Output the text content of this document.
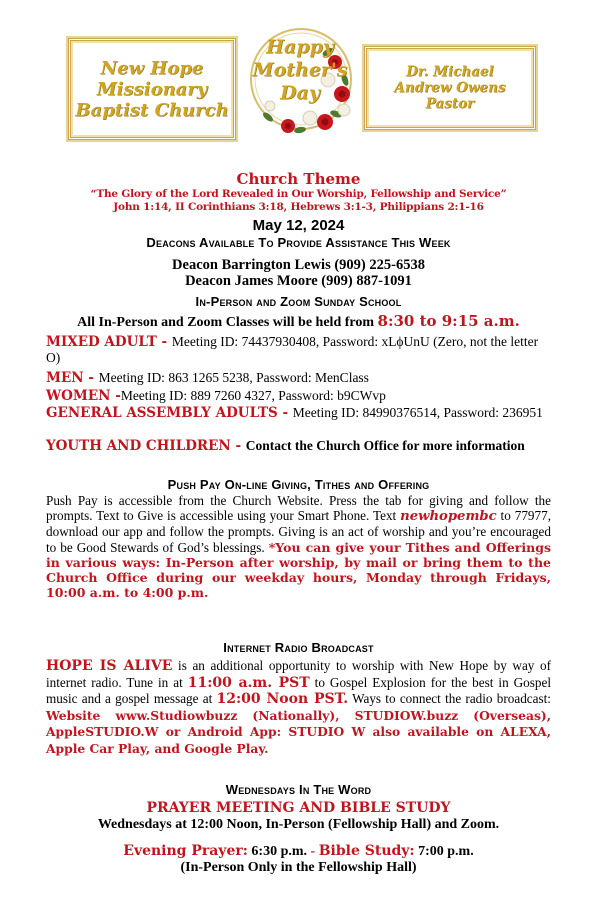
New Hope
Missionary
Baptist Church
Happy
Mother's
Day
Dr. Michael
Andrew Owens
Pastor
Church Theme
“The Glory of the Lord Revealed in Our Worship, Fellowship and Service”
John 1:14, II Corinthians 3:18, Hebrews 3:1-3, Philippians 2:1-16
May 12, 2024
Deacons Available To Provide Assistance This Week
Deacon Barrington Lewis (909) 225-6538
Deacon James Moore (909) 887-1091
In-Person and Zoom Sunday School
All In-Person and Zoom Classes will be held from 8:30 to 9:15 a.m.
MIXED ADULT - Meeting ID: 74437930408, Password: xLϕUnU (Zero, not the letter O)
MEN - Meeting ID: 863 1265 5238, Password: MenClass
WOMEN -Meeting ID: 889 7260 4327, Password: b9CWvp
GENERAL ASSEMBLY ADULTS - Meeting ID: 84990376514, Password: 236951
YOUTH AND CHILDREN - Contact the Church Office for more information
Push Pay On-line Giving, Tithes and Offering
Push Pay is accessible from the Church Website. Press the tab for giving and follow the prompts. Text to Give is accessible using your Smart Phone. Text newhopembc to 77977, download our app and follow the prompts. Giving is an act of worship and you’re encouraged to be Good Stewards of God’s blessings. *You can give your Tithes and Offerings in various ways: In-Person after worship, by mail or bring them to the Church Office during our weekday hours, Monday through Fridays, 10:00 a.m. to 4:00 p.m.
Internet Radio Broadcast
HOPE IS ALIVE is an additional opportunity to worship with New Hope by way of internet radio. Tune in at 11:00 a.m. PST to Gospel Explosion for the best in Gospel music and a gospel message at 12:00 Noon PST. Ways to connect the radio broadcast: Website www.Studiowbuzz (Nationally), STUDIOW.buzz (Overseas), AppleSTUDIO.W or Android App: STUDIO W also available on ALEXA, Apple Car Play, and Google Play.
Wednesdays In The Word
PRAYER MEETING AND BIBLE STUDY
Wednesdays at 12:00 Noon, In-Person (Fellowship Hall) and Zoom.
Evening Prayer: 6:30 p.m. - Bible Study: 7:00 p.m.
(In-Person Only in the Fellowship Hall)
